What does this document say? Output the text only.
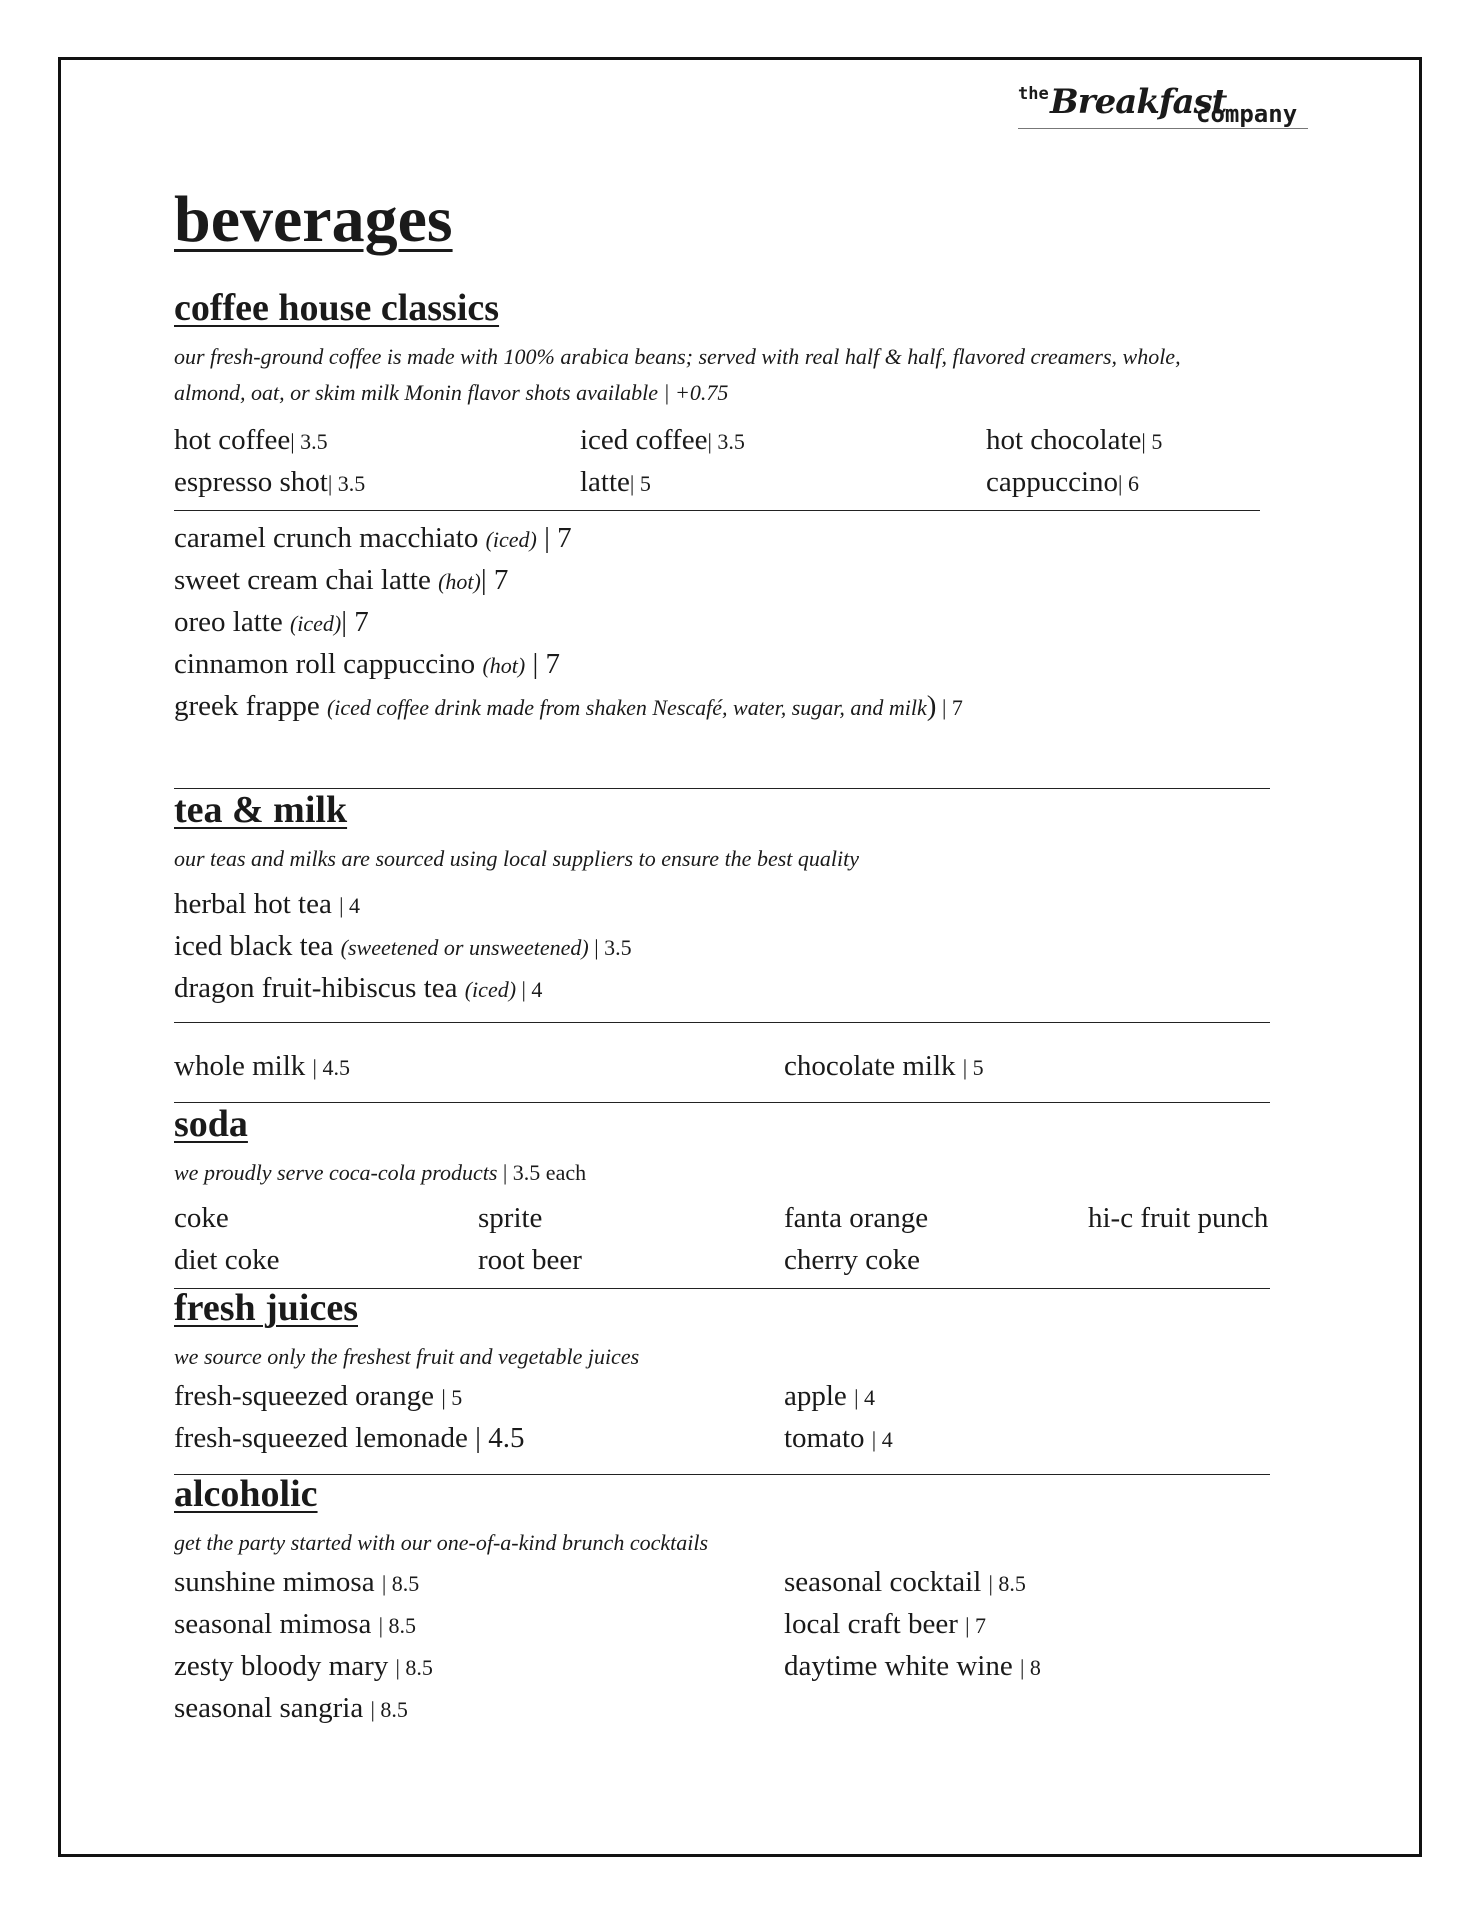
the Breakfast
company
beverages
coffee house classics
our fresh-ground coffee is made with 100% arabica beans; served with real half & half, flavored creamers, whole,
almond, oat, or skim milk Monin flavor shots available | +0.75
hot coffee| 3.5	iced coffee| 3.5	hot chocolate| 5
espresso shot| 3.5	latte| 5	cappuccino| 6
caramel crunch macchiato (iced) | 7
sweet cream chai latte (hot)| 7
oreo latte (iced)| 7
cinnamon roll cappuccino (hot) | 7
greek frappe (iced coffee drink made from shaken Nescafé, water, sugar, and milk) | 7
tea & milk
our teas and milks are sourced using local suppliers to ensure the best quality
herbal hot tea | 4
iced black tea (sweetened or unsweetened) | 3.5
dragon fruit-hibiscus tea (iced) | 4
whole milk | 4.5	chocolate milk | 5
soda
we proudly serve coca-cola products | 3.5 each
coke	sprite	fanta orange	hi-c fruit punch
diet coke	root beer	cherry coke
fresh juices
we source only the freshest fruit and vegetable juices
fresh-squeezed orange | 5	apple | 4
fresh-squeezed lemonade | 4.5	tomato | 4
alcoholic
get the party started with our one-of-a-kind brunch cocktails
sunshine mimosa | 8.5	seasonal cocktail | 8.5
seasonal mimosa | 8.5	local craft beer | 7
zesty bloody mary | 8.5	daytime white wine | 8
seasonal sangria | 8.5
